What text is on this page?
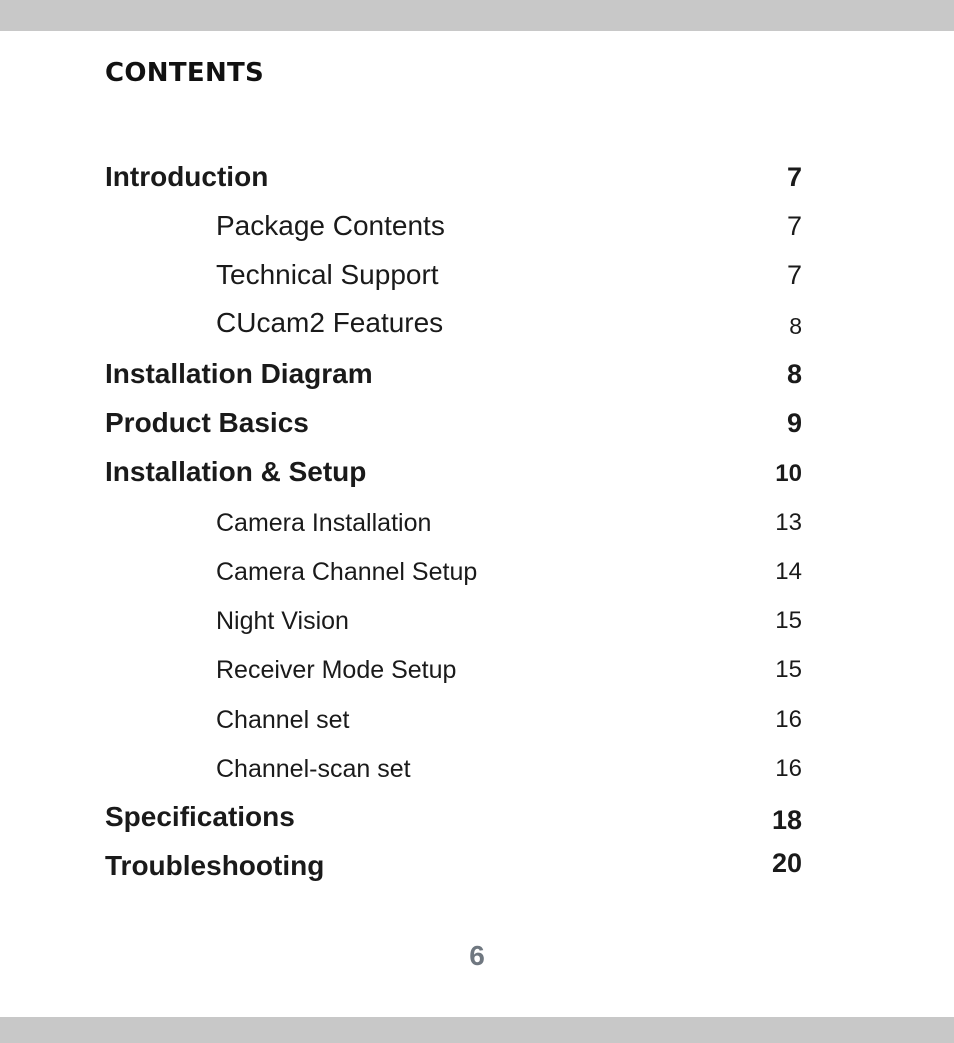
CONTENTS
Introduction	7
Package Contents	7
Technical Support	7
CUcam2 Features	8
Installation Diagram	8
Product Basics	9
Installation & Setup	10
Camera Installation	13
Camera Channel Setup	14
Night Vision	15
Receiver Mode Setup	15
Channel set	16
Channel-scan set	16
Specifications	18
Troubleshooting	20
6
